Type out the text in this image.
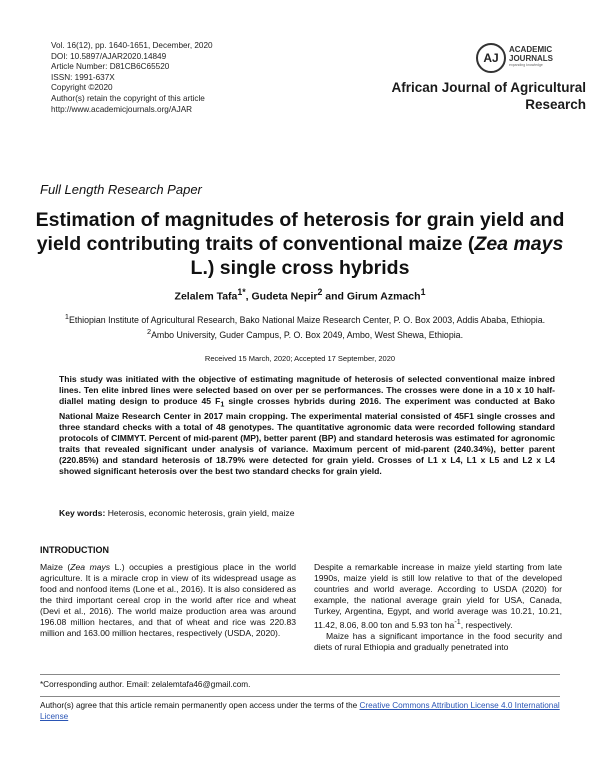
Vol. 16(12), pp. 1640-1651, December, 2020
DOI: 10.5897/AJAR2020.14849
Article Number: D81CB6C65520
ISSN: 1991-637X
Copyright ©2020
Author(s) retain the copyright of this article
http://www.academicjournals.org/AJAR
AJ
ACADEMIC
JOURNALS
expanding knowledge
African Journal of Agricultural
Research
Full Length Research Paper
Estimation of magnitudes of heterosis for grain yield and yield contributing traits of conventional maize (Zea mays L.) single cross hybrids
Zelalem Tafa$^{1*}$, Gudeta Nepir$^2$ and Girum Azmach$^1$
$^1$Ethiopian Institute of Agricultural Research, Bako National Maize Research Center, P. O. Box 2003, Addis Ababa, Ethiopia.
$^2$Ambo University, Guder Campus, P. O. Box 2049, Ambo, West Shewa, Ethiopia.
Received 15 March, 2020; Accepted 17 September, 2020
This study was initiated with the objective of estimating magnitude of heterosis of selected conventional maize inbred lines. Ten elite inbred lines were selected based on over per se performances. The crosses were done in a 10 x 10 half-diallel mating design to produce 45 $F_1$ single crosses hybrids during 2016. The experiment was conducted at Bako National Maize Research Center in 2017 main cropping. The experimental material consisted of 45F1 single crosses and three standard checks with a total of 48 genotypes. The quantitative agronomic data were recorded following standard protocols of CIMMYT. Percent of mid-parent (MP), better parent (BP) and standard heterosis was estimated for agronomic traits that revealed significant under analysis of variance. Maximum percent of mid-parent (240.34%), better parent (220.85%) and standard heterosis of 18.79% were detected for grain yield. Crosses of L1 x L4, L1 x L5 and L2 x L4 showed significant heterosis over the best two standard checks for grain yield.
Key words: Heterosis, economic heterosis, grain yield, maize
INTRODUCTION

Maize (Zea mays L.) occupies a prestigious place in the world agriculture. It is a miracle crop in view of its widespread usage as food and nonfood items (Lone et al., 2016). It is also considered as the third important cereal crop in the world after rice and wheat (Devi et al., 2016). The world maize production area was around 196.08 million hectares, and that of wheat and rice was 220.83 million and 163.00 million hectares, respectively (USDA, 2020).

Despite a remarkable increase in maize yield starting from late 1990s, maize yield is still low relative to that of the developed countries and world average. According to USDA (2020) for example, the national average grain yield for USA, Canada, Turkey, Argentina, Egypt, and world average was 10.21, 10.21, 11.42, 8.06, 8.00 ton and 5.93 ton $ha^{-1}$, respectively.

Maize has a significant importance in the food security and diets of rural Ethiopia and gradually penetrated into

*Corresponding author. Email: zelalemtafa46@gmail.com.
Author(s) agree that this article remain permanently open access under the terms of the Creative Commons Attribution License 4.0 International License
